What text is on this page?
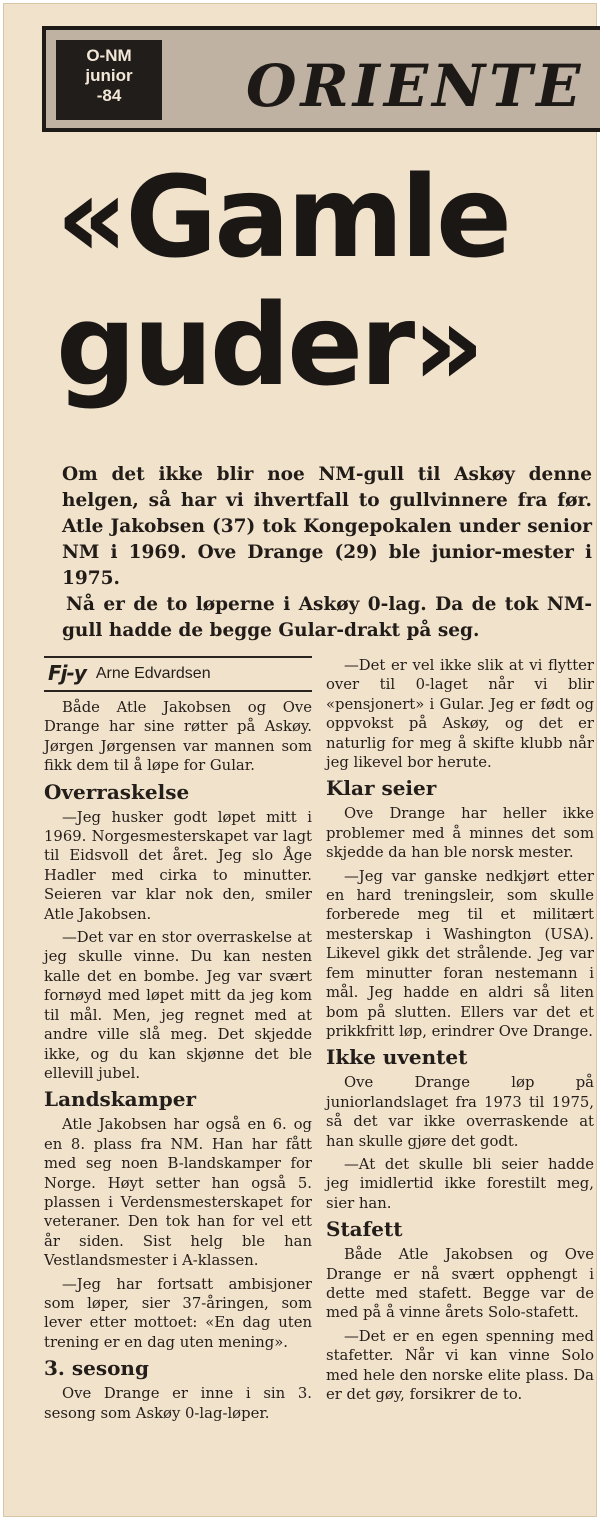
O-NM
junior
-84	ORIENTE
«Gamle
guder»

Om det ikke blir noe NM-gull til Askøy denne helgen, så har vi ihvertfall to gullvinnere fra før. Atle Jakobsen (37) tok Kongepokalen under senior NM i 1969. Ove Drange (29) ble junior-mester i 1975.

Nå er de to løperne i Askøy 0-lag. Da de tok NM-gull hadde de begge Gular-drakt på seg.

Fj-y Arne Edvardsen

Både Atle Jakobsen og Ove Drange har sine røtter på Askøy. Jørgen Jørgensen var mannen som fikk dem til å løpe for Gular.

Overraskelse

—Jeg husker godt løpet mitt i 1969. Norgesmesterskapet var lagt til Eidsvoll det året. Jeg slo Åge Hadler med cirka to minutter. Seieren var klar nok den, smiler Atle Jakobsen.

—Det var en stor overraskelse at jeg skulle vinne. Du kan nesten kalle det en bombe. Jeg var svært fornøyd med løpet mitt da jeg kom til mål. Men, jeg regnet med at andre ville slå meg. Det skjedde ikke, og du kan skjønne det ble ellevill jubel.

Landskamper

Atle Jakobsen har også en 6. og en 8. plass fra NM. Han har fått med seg noen B-landskamper for Norge. Høyt setter han også 5. plassen i Verdensmesterskapet for veteraner. Den tok han for vel ett år siden. Sist helg ble han Vestlandsmester i A-klassen.

—Jeg har fortsatt ambisjoner som løper, sier 37-åringen, som lever etter mottoet: «En dag uten trening er en dag uten mening».

3. sesong

Ove Drange er inne i sin 3. sesong som Askøy 0-lag-løper.

—Det er vel ikke slik at vi flytter over til 0-laget når vi blir «pensjonert» i Gular. Jeg er født og oppvokst på Askøy, og det er naturlig for meg å skifte klubb når jeg likevel bor herute.

Klar seier

Ove Drange har heller ikke problemer med å minnes det som skjedde da han ble norsk mester.

—Jeg var ganske nedkjørt etter en hard treningsleir, som skulle forberede meg til et militært mesterskap i Washington (USA). Likevel gikk det strålende. Jeg var fem minutter foran nestemann i mål. Jeg hadde en aldri så liten bom på slutten. Ellers var det et prikkfritt løp, erindrer Ove Drange.

Ikke uventet

Ove Drange løp på juniorlandslaget fra 1973 til 1975, så det var ikke overraskende at han skulle gjøre det godt.

—At det skulle bli seier hadde jeg imidlertid ikke forestilt meg, sier han.

Stafett

Både Atle Jakobsen og Ove Drange er nå svært opphengt i dette med stafett. Begge var de med på å vinne årets Solo-stafett.

—Det er en egen spenning med stafetter. Når vi kan vinne Solo med hele den norske elite plass. Da er det gøy, forsikrer de to.
